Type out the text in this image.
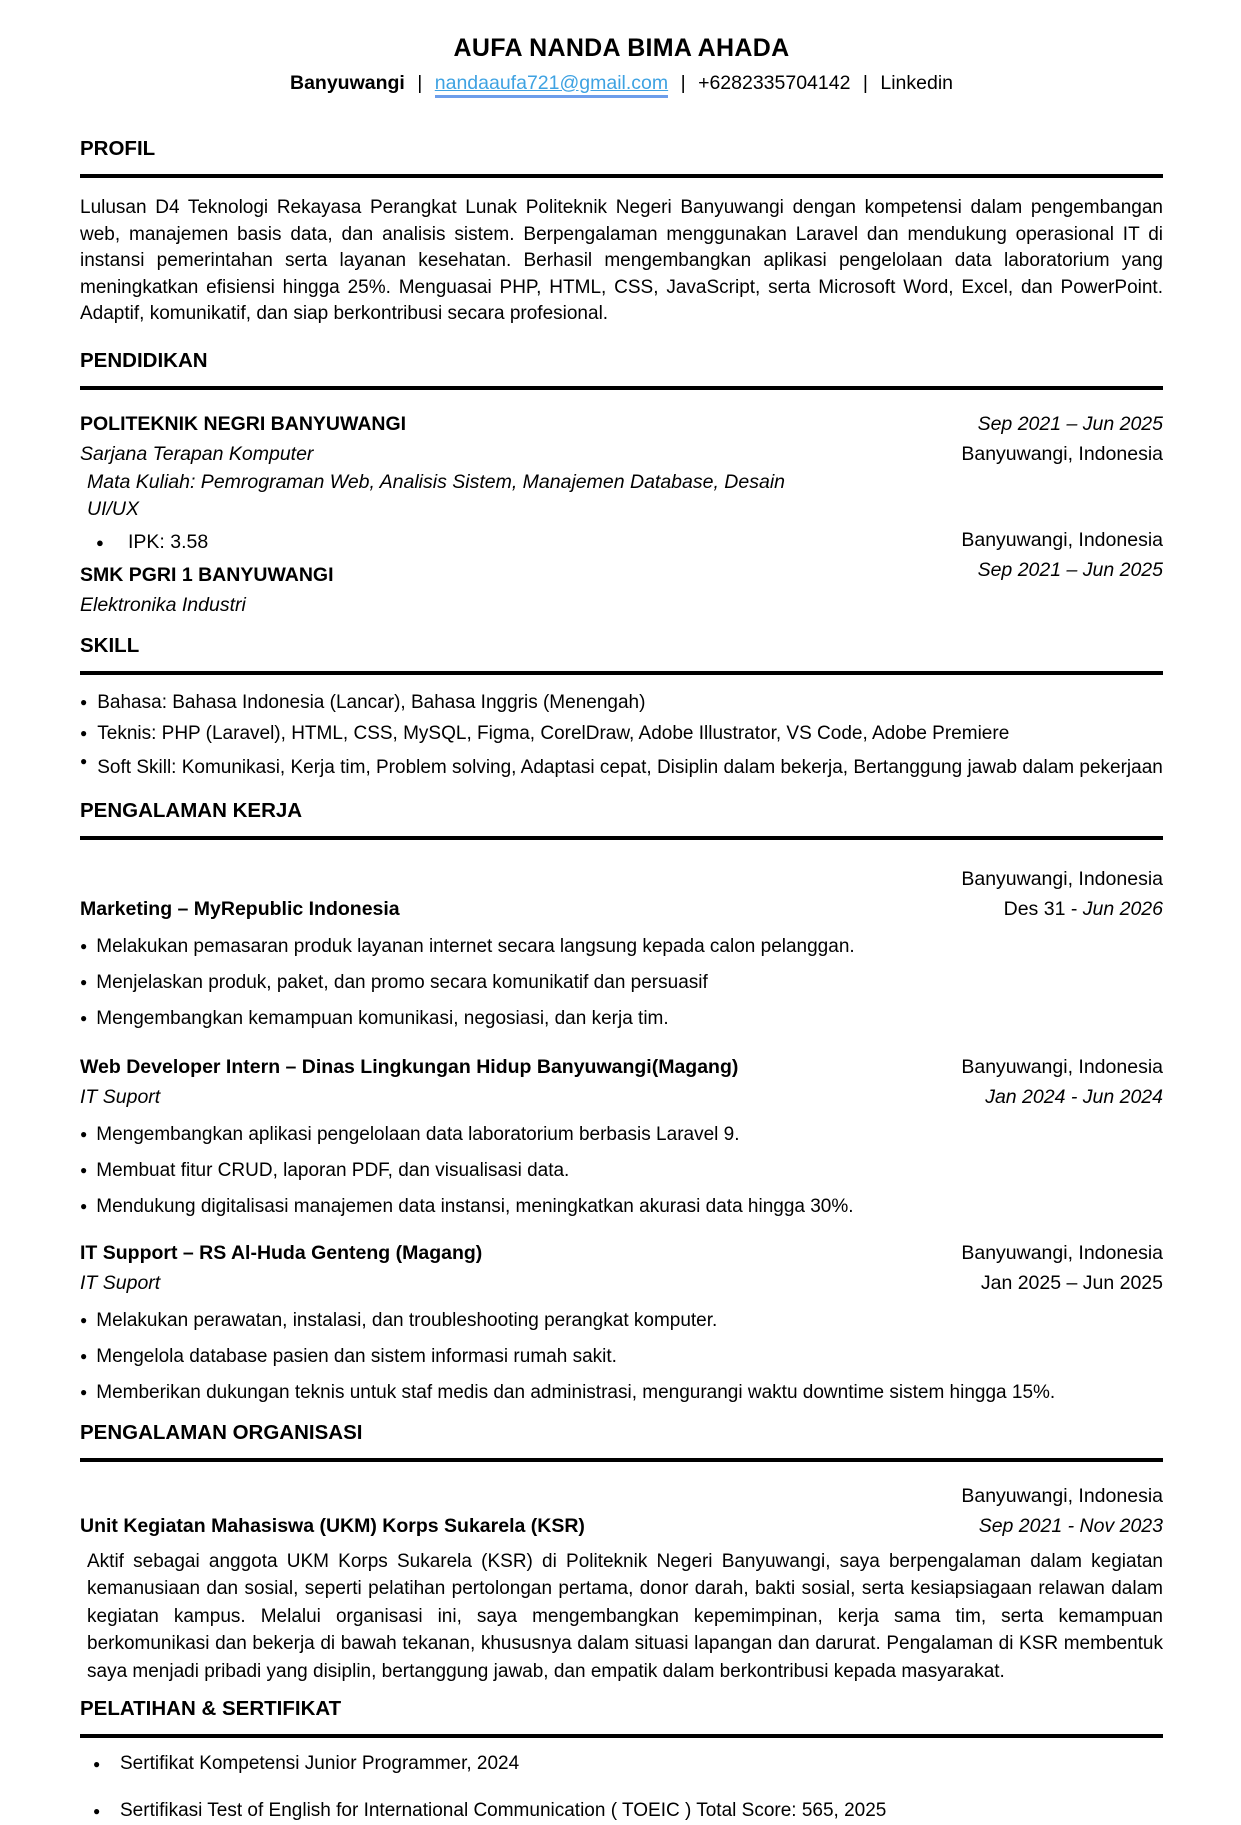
AUFA NANDA BIMA AHADA

Banyuwangi | nandaaufa721@gmail.com | +6282335704142 | Linkedin

PROFIL

Lulusan D4 Teknologi Rekayasa Perangkat Lunak Politeknik Negeri Banyuwangi dengan kompetensi dalam pengembangan web, manajemen basis data, dan analisis sistem. Berpengalaman menggunakan Laravel dan mendukung operasional IT di instansi pemerintahan serta layanan kesehatan. Berhasil mengembangkan aplikasi pengelolaan data laboratorium yang meningkatkan efisiensi hingga 25%. Menguasai PHP, HTML, CSS, JavaScript, serta Microsoft Word, Excel, dan PowerPoint. Adaptif, komunikatif, dan siap berkontribusi secara profesional.

PENDIDIKAN
POLITEKNIK NEGRI BANYUWANGI
Sarjana Terapan Komputer
Mata Kuliah: Pemrograman Web, Analisis Sistem, Manajemen Database, Desain UI/UX
Sep 2021 – Jun 2025
Banyuwangi, Indonesia
● IPK: 3.58
SMK PGRI 1 BANYUWANGI
Elektronika Industri
Banyuwangi, Indonesia
Sep 2021 – Jun 2025
SKILL

● Bahasa: Bahasa Indonesia (Lancar), Bahasa Inggris (Menengah)

● Teknis: PHP (Laravel), HTML, CSS, MySQL, Figma, CorelDraw, Adobe Illustrator, VS Code, Adobe Premiere

● Soft Skill: Komunikasi, Kerja tim, Problem solving, Adaptasi cepat, Disiplin dalam bekerja, Bertanggung jawab dalam pekerjaan

PENGALAMAN KERJA
Marketing – MyRepublic Indonesia
Banyuwangi, Indonesia
Des 31 - Jun 2026

● Melakukan pemasaran produk layanan internet secara langsung kepada calon pelanggan.

● Menjelaskan produk, paket, dan promo secara komunikatif dan persuasif

● Mengembangkan kemampuan komunikasi, negosiasi, dan kerja tim.

Web Developer Intern – Dinas Lingkungan Hidup Banyuwangi(Magang)
IT Suport
Banyuwangi, Indonesia
Jan 2024 - Jun 2024

● Mengembangkan aplikasi pengelolaan data laboratorium berbasis Laravel 9.

● Membuat fitur CRUD, laporan PDF, dan visualisasi data.

● Mendukung digitalisasi manajemen data instansi, meningkatkan akurasi data hingga 30%.

IT Support – RS Al-Huda Genteng (Magang)
IT Suport
Banyuwangi, Indonesia
Jan 2025 – Jun 2025

● Melakukan perawatan, instalasi, dan troubleshooting perangkat komputer.

● Mengelola database pasien dan sistem informasi rumah sakit.

● Memberikan dukungan teknis untuk staf medis dan administrasi, mengurangi waktu downtime sistem hingga 15%.

PENGALAMAN ORGANISASI
Unit Kegiatan Mahasiswa (UKM) Korps Sukarela (KSR)
Banyuwangi, Indonesia
Sep 2021 - Nov 2023

Aktif sebagai anggota UKM Korps Sukarela (KSR) di Politeknik Negeri Banyuwangi, saya berpengalaman dalam kegiatan kemanusiaan dan sosial, seperti pelatihan pertolongan pertama, donor darah, bakti sosial, serta kesiapsiagaan relawan dalam kegiatan kampus. Melalui organisasi ini, saya mengembangkan kepemimpinan, kerja sama tim, serta kemampuan berkomunikasi dan bekerja di bawah tekanan, khususnya dalam situasi lapangan dan darurat. Pengalaman di KSR membentuk saya menjadi pribadi yang disiplin, bertanggung jawab, dan empatik dalam berkontribusi kepada masyarakat.

PELATIHAN & SERTIFIKAT

● Sertifikat Kompetensi Junior Programmer, 2024

● Sertifikasi Test of English for International Communication ( TOEIC ) Total Score: 565, 2025
